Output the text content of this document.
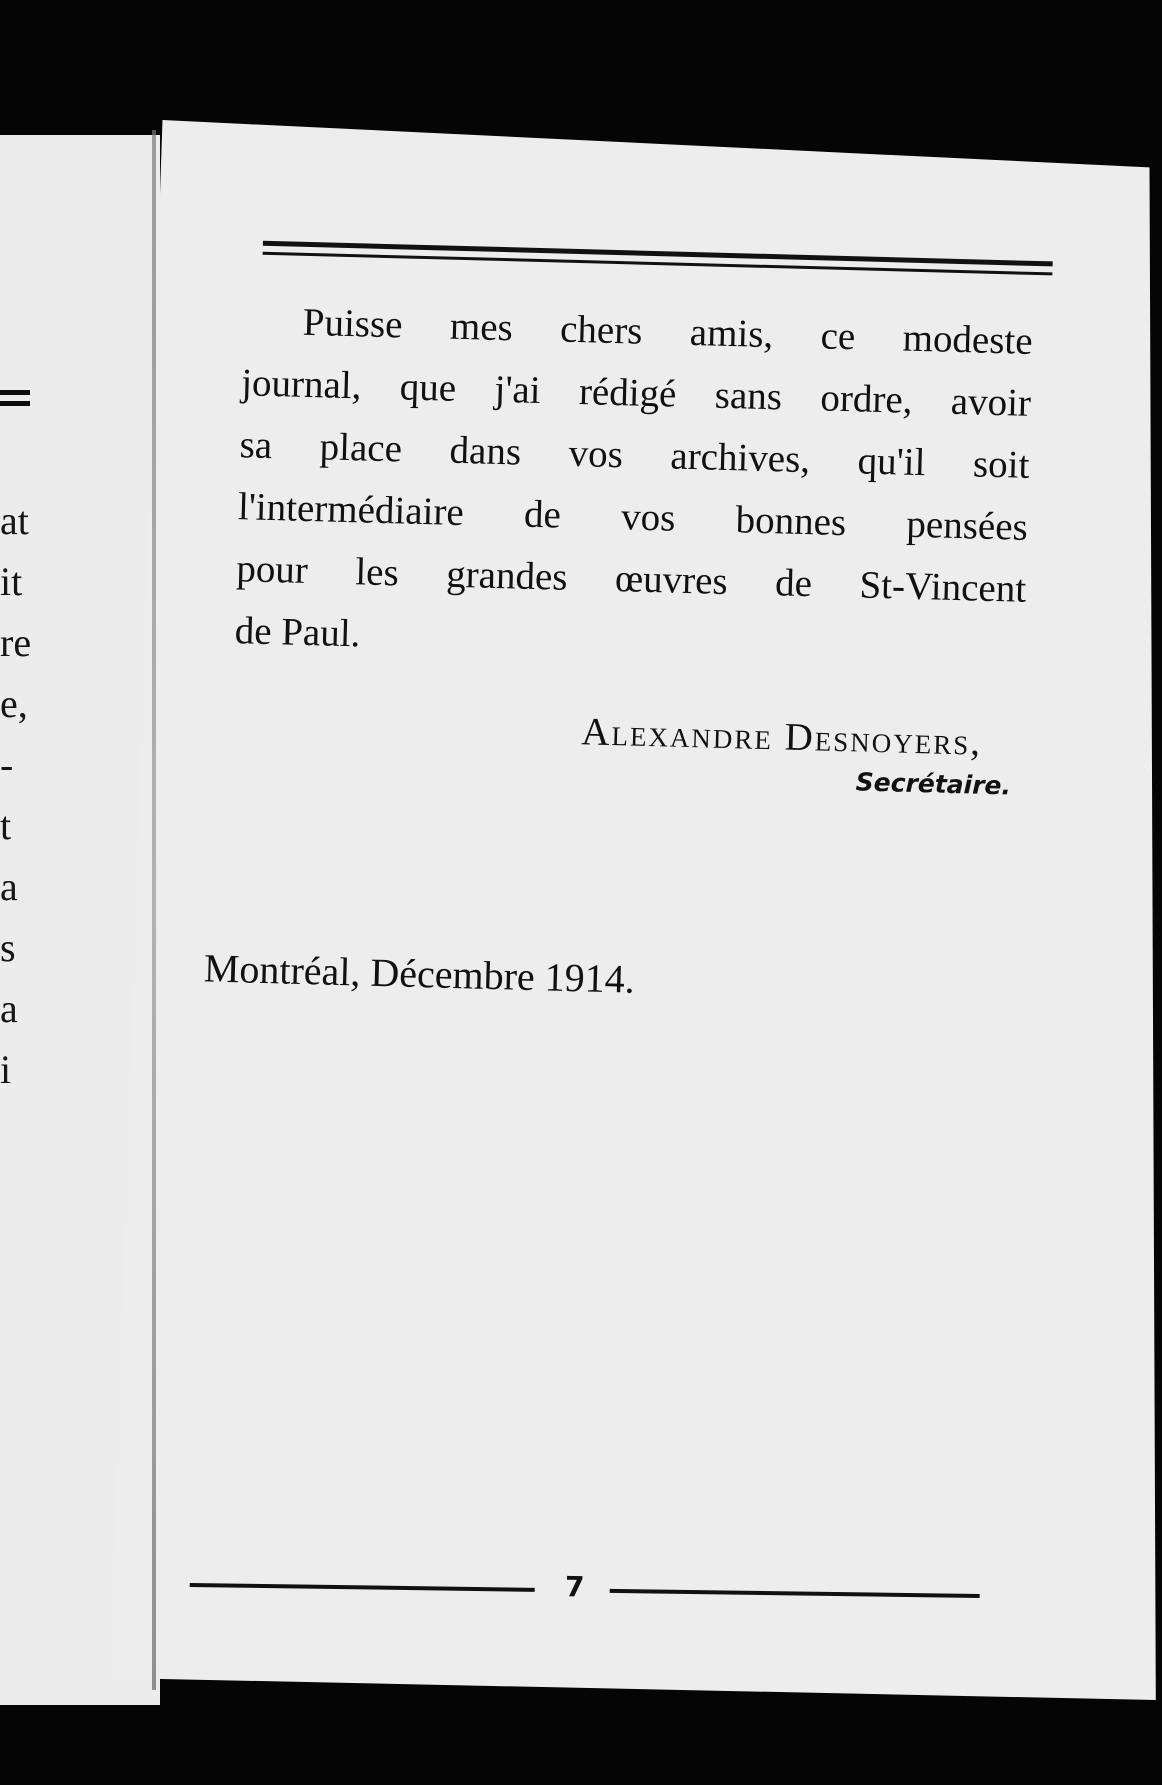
at
it
re
e,
-
t
a
s
a
i
Puisse mes chers amis, ce modeste
journal, que j'ai rédigé sans ordre, avoir
sa place dans vos archives, qu'il soit
l'intermédiaire de vos bonnes pensées
pour les grandes œuvres de St-Vincent
de Paul.
Alexandre Desnoyers,
Secrétaire.
Montréal, Décembre 1914.
7
